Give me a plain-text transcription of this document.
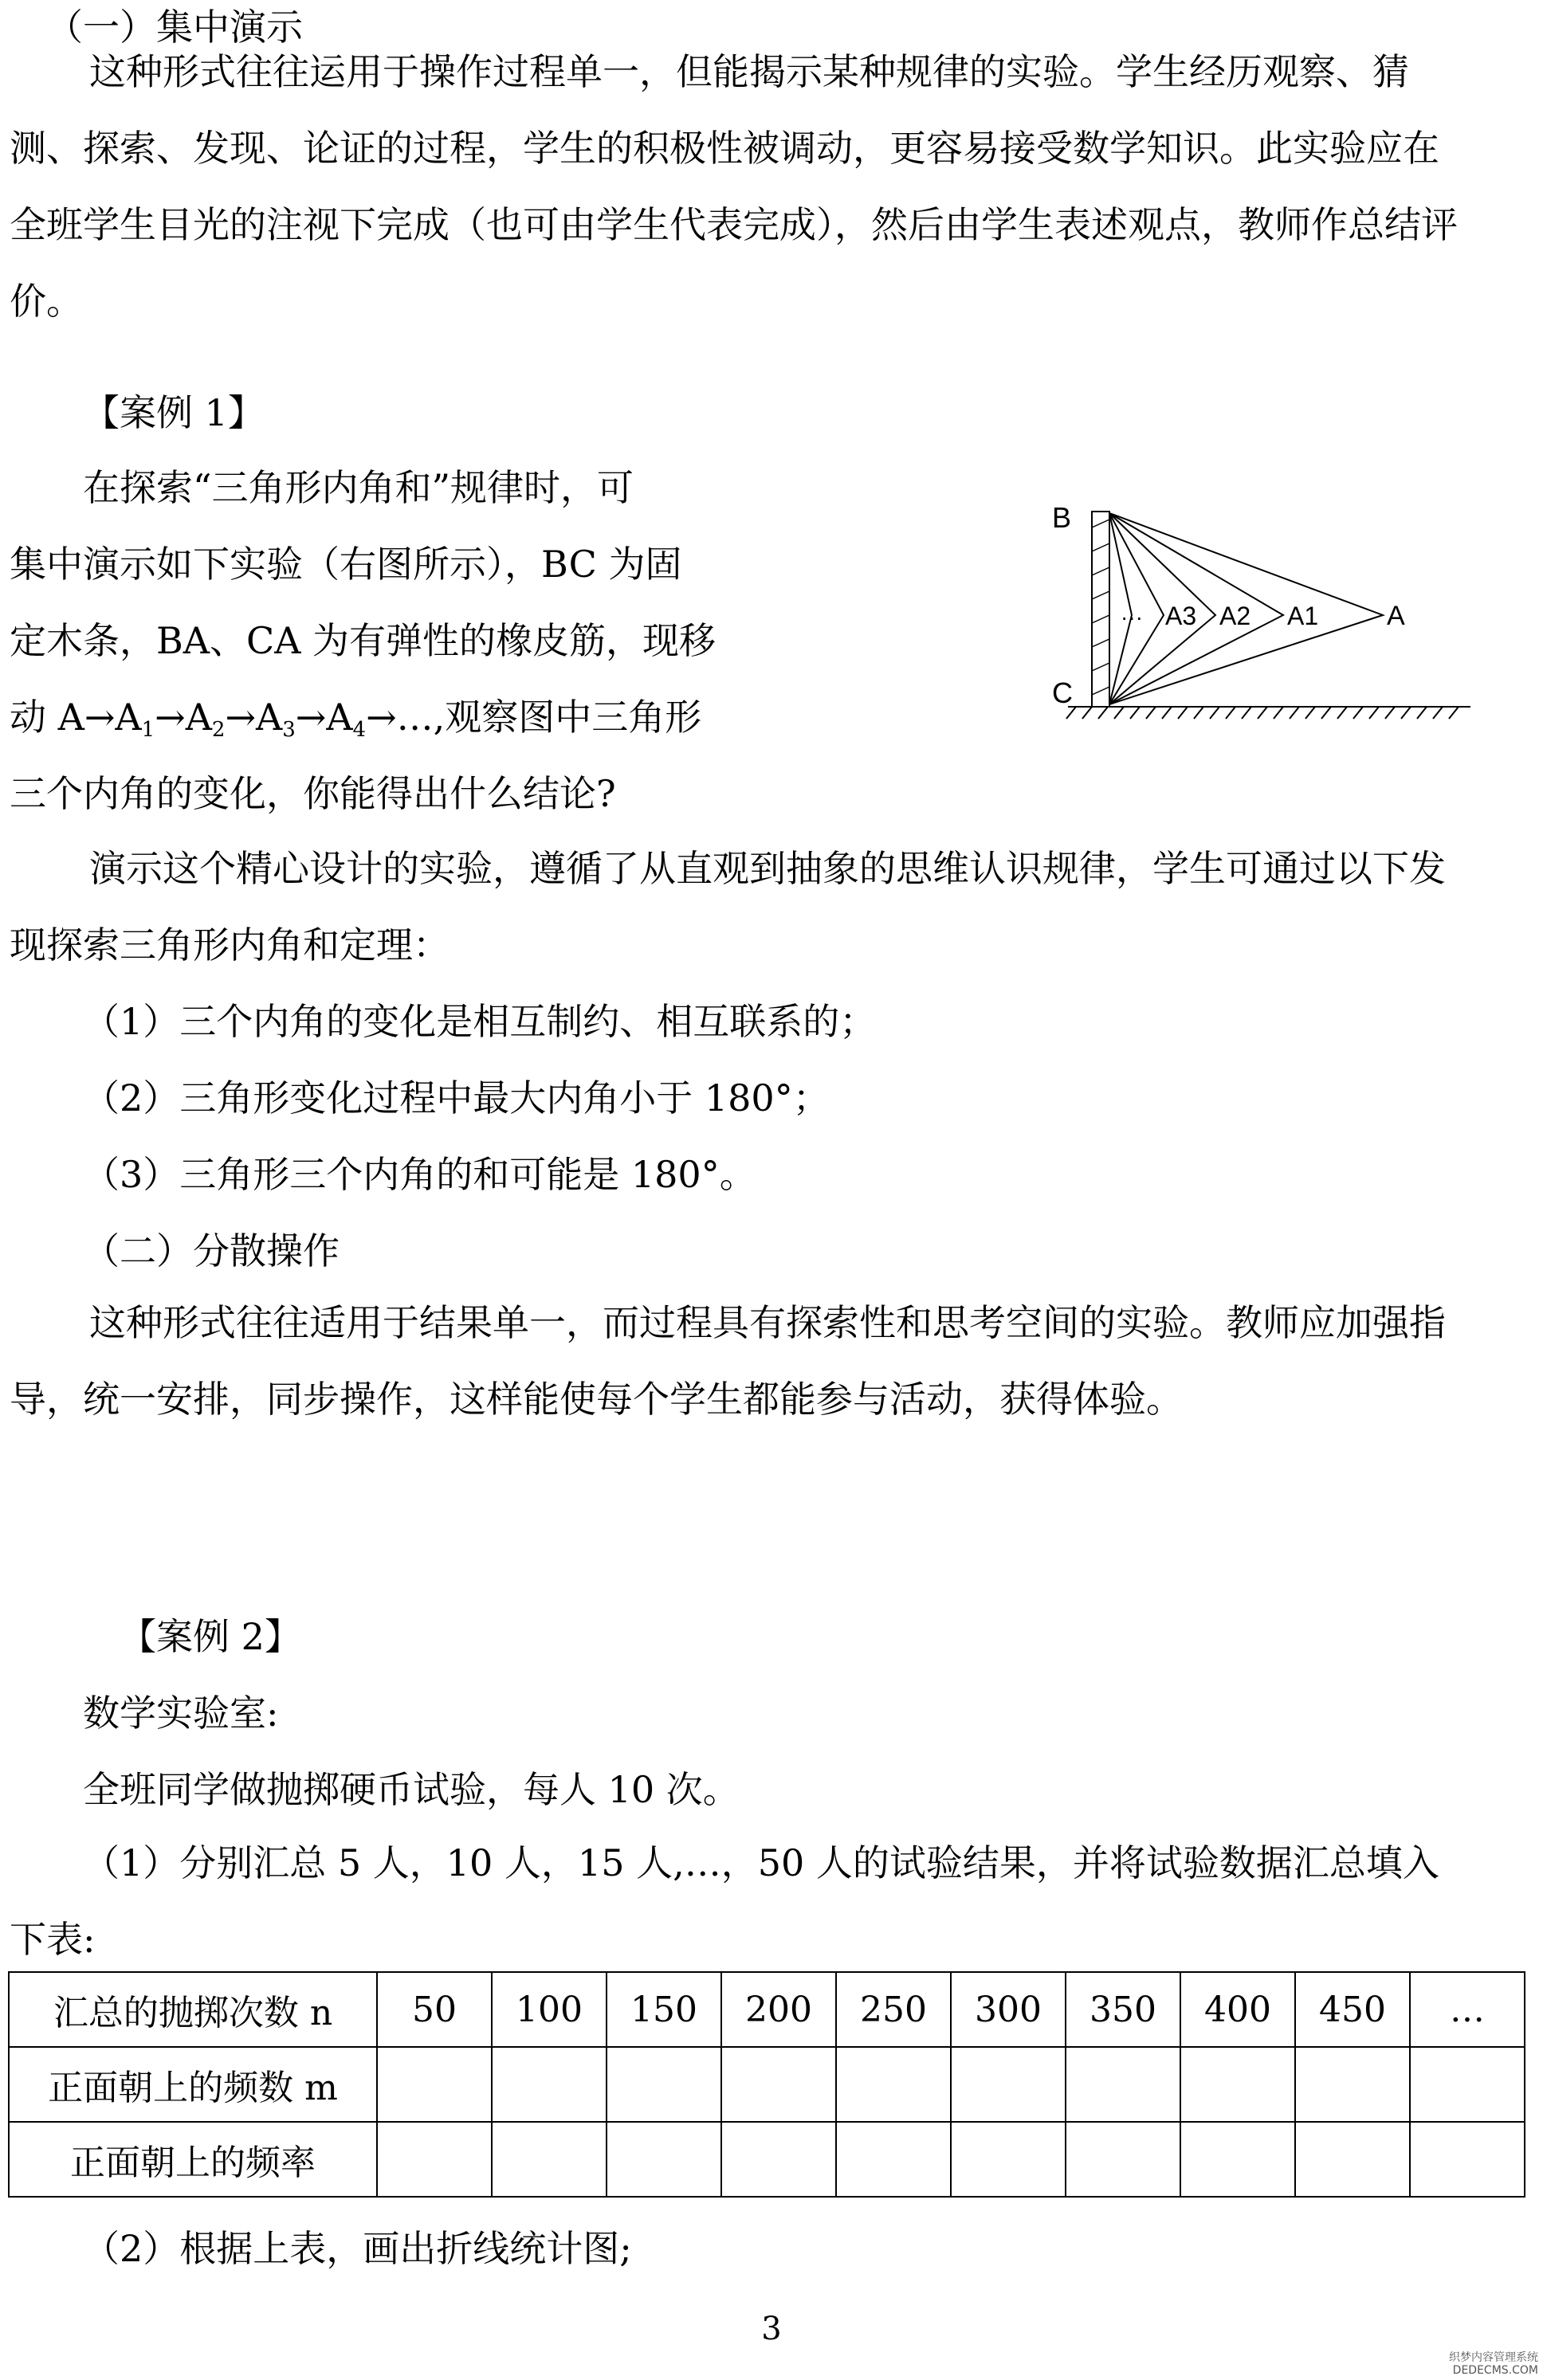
（一）集中演示
这种形式往往运用于操作过程单一，但能揭示某种规律的实验。学生经历观察、猜测、探索、发现、论证的过程，学生的积极性被调动，更容易接受数学知识。此实验应在全班学生目光的注视下完成（也可由学生代表完成），然后由学生表述观点，教师作总结评价。
【案例 1】
在探索“三角形内角和”规律时，可
集中演示如下实验（右图所示），BC 为固
定木条，BA、CA 为有弹性的橡皮筋，现移
动 $A\to A_1\to A_2\to A_3\to A_4\to\dots$,观察图中三角形
三个内角的变化，你能得出什么结论?
B
C
··· A3 A2 A1	A
演示这个精心设计的实验，遵循了从直观到抽象的思维认识规律，学生可通过以下发现探索三角形内角和定理：
（1）三个内角的变化是相互制约、相互联系的；
（2）三角形变化过程中最大内角小于 180°；
（3）三角形三个内角的和可能是 180°。
（二）分散操作
这种形式往往适用于结果单一，而过程具有探索性和思考空间的实验。教师应加强指导，统一安排，同步操作，这样能使每个学生都能参与活动，获得体验。
【案例 2】
数学实验室:
全班同学做抛掷硬币试验，每人 10 次。
（1）分别汇总 5 人，10 人，15 人,…，50 人的试验结果，并将试验数据汇总填入下表:
汇总的抛掷次数 n	50	100	150	200	250	300	350	400	450	…
正面朝上的频数 m										
正面朝上的频率										
（2）根据上表，画出折线统计图;
3
织梦内容管理系统
DEDECMS.COM
